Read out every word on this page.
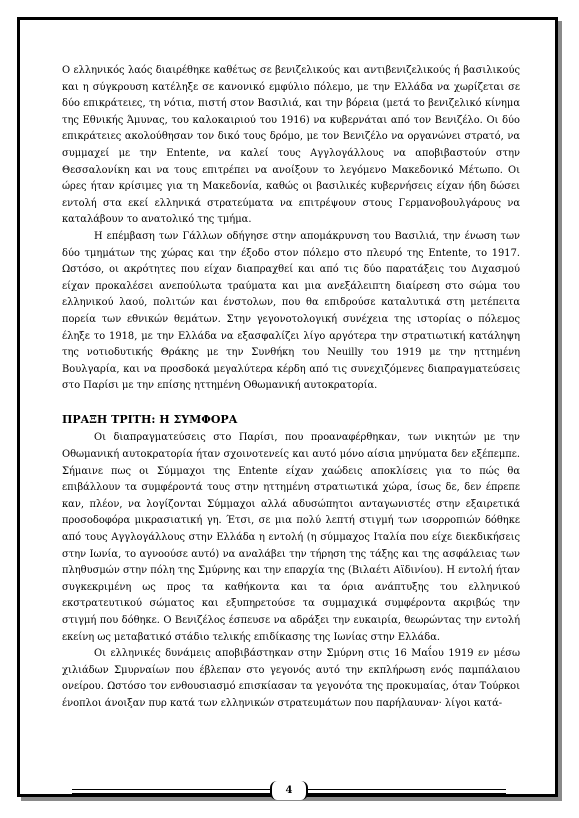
Ο ελληνικός λαός διαιρέθηκε καθέτως σε βενιζελικούς και αντιβενιζελικούς ή βασιλικούς και η σύγκρουση κατέληξε σε κανονικό εμφύλιο πόλεμο, με την Ελλάδα να χωρίζεται σε δύο επικράτειες, τη νότια, πιστή στον Βασιλιά, και την βόρεια (μετά το βενιζελικό κίνημα της Εθνικής Άμυνας, του καλοκαιριού του 1916) να κυβερνάται από τον Βενιζέλο. Οι δύο επικράτειες ακολούθησαν τον δικό τους δρόμο, με τον Βενιζέλο να οργανώνει στρατό, να συμμαχεί με την Entente, να καλεί τους Αγγλογάλλους να αποβιβαστούν στην Θεσσαλονίκη και να τους επιτρέπει να ανοίξουν το λεγόμενο Μακεδονικό Μέτωπο. Οι ώρες ήταν κρίσιμες για τη Μακεδονία, καθώς οι βασιλικές κυβερνήσεις είχαν ήδη δώσει εντολή στα εκεί ελληνικά στρατεύματα να επιτρέψουν στους Γερμανοβουλγάρους να καταλάβουν το ανατολικό της τμήμα.

Η επέμβαση των Γάλλων οδήγησε στην απομάκρυνση του Βασιλιά, την ένωση των δύο τμημάτων της χώρας και την έξοδο στον πόλεμο στο πλευρό της Entente, το 1917. Ωστόσο, οι ακρότητες που είχαν διαπραχθεί και από τις δύο παρατάξεις του Διχασμού είχαν προκαλέσει ανεπούλωτα τραύματα και μια ανεξάλειπτη διαίρεση στο σώμα του ελληνικού λαού, πολιτών και ένστολων, που θα επιδρούσε καταλυτικά στη μετέπειτα πορεία των εθνικών θεμάτων. Στην γεγονοτολογική συνέχεια της ιστορίας ο πόλεμος έληξε το 1918, με την Ελλάδα να εξασφαλίζει λίγο αργότερα την στρατιωτική κατάληψη της νοτιοδυτικής Θράκης με την Συνθήκη του Neuilly του 1919 με την ηττημένη Βουλγαρία, και να προσδοκά μεγαλύτερα κέρδη από τις συνεχιζόμενες διαπραγματεύσεις στο Παρίσι με την επίσης ηττημένη Οθωμανική αυτοκρατορία.

ΠΡΑΞΗ ΤΡΙΤΗ: Η ΣΥΜΦΟΡΑ

Οι διαπραγματεύσεις στο Παρίσι, που προαναφέρθηκαν, των νικητών με την Οθωμανική αυτοκρατορία ήταν σχοινοτενείς και αυτό μόνο αίσια μηνύματα δεν εξέπεμπε. Σήμαινε πως οι Σύμμαχοι της Entente είχαν χαώδεις αποκλίσεις για το πώς θα επιβάλλουν τα συμφέροντά τους στην ηττημένη στρατιωτικά χώρα, ίσως δε, δεν έπρεπε καν, πλέον, να λογίζονται Σύμμαχοι αλλά αδυσώπητοι ανταγωνιστές στην εξαιρετικά προσοδοφόρα μικρασιατική γη. Έτσι, σε μια πολύ λεπτή στιγμή των ισορροπιών δόθηκε από τους Αγγλογάλλους στην Ελλάδα η εντολή (η σύμμαχος Ιταλία που είχε διεκδικήσεις στην Ιωνία, το αγνοούσε αυτό) να αναλάβει την τήρηση της τάξης και της ασφάλειας των πληθυσμών στην πόλη της Σμύρνης και την επαρχία της (Βιλαέτι Αϊδινίου). Η εντολή ήταν συγκεκριμένη ως προς τα καθήκοντα και τα όρια ανάπτυξης του ελληνικού εκστρατευτικού σώματος και εξυπηρετούσε τα συμμαχικά συμφέροντα ακριβώς την στιγμή που δόθηκε. Ο Βενιζέλος έσπευσε να αδράξει την ευκαιρία, θεωρώντας την εντολή εκείνη ως μεταβατικό στάδιο τελικής επιδίκασης της Ιωνίας στην Ελλάδα.

Οι ελληνικές δυνάμεις αποβιβάστηκαν στην Σμύρνη στις 16 Μαΐου 1919 εν μέσω χιλιάδων Σμυρναίων που έβλεπαν στο γεγονός αυτό την εκπλήρωση ενός παμπάλαιου ονείρου. Ωστόσο τον ενθουσιασμό επισκίασαν τα γεγονότα της προκυμαίας, όταν Τούρκοι ένοπλοι άνοιξαν πυρ κατά των ελληνικών στρατευμάτων που παρήλαυναν· λίγοι κατά-

4
